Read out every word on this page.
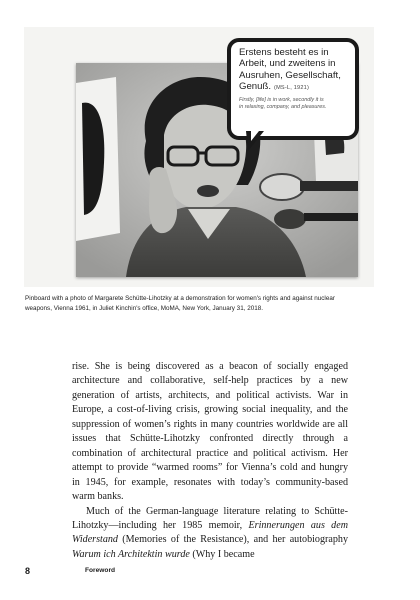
Erstens besteht es in
Arbeit, und zweitens in
Ausruhen, Gesellschaft,
Genuß. (MS-L, 1921)
Firstly, [life] is in work, secondly it is
in relaxing, company, and pleasures.
Pinboard with a photo of Margarete Schütte-Lihotzky at a demonstration for women's rights and against nuclear
weapons, Vienna 1961, in Juliet Kinchin's office, MoMA, New York, January 31, 2018.

rise. She is being discovered as a beacon of socially engaged architecture and collaborative, self-help practices by a new generation of artists, architects, and political activists. War in Europe, a cost-of-living crisis, growing social inequality, and the suppression of women’s rights in many countries worldwide are all issues that Schütte-Lihotzky confronted directly through a combination of architectural practice and political activism. Her attempt to provide “warmed rooms” for Vienna’s cold and hungry in 1945, for example, resonates with today’s community-based warm banks.

Much of the German-language literature relating to Schütte-Lihotzky—including her 1985 memoir, Erinnerungen aus dem Widerstand (Memories of the Resistance), and her autobiography Warum ich Architektin wurde (Why I became

8	Foreword
